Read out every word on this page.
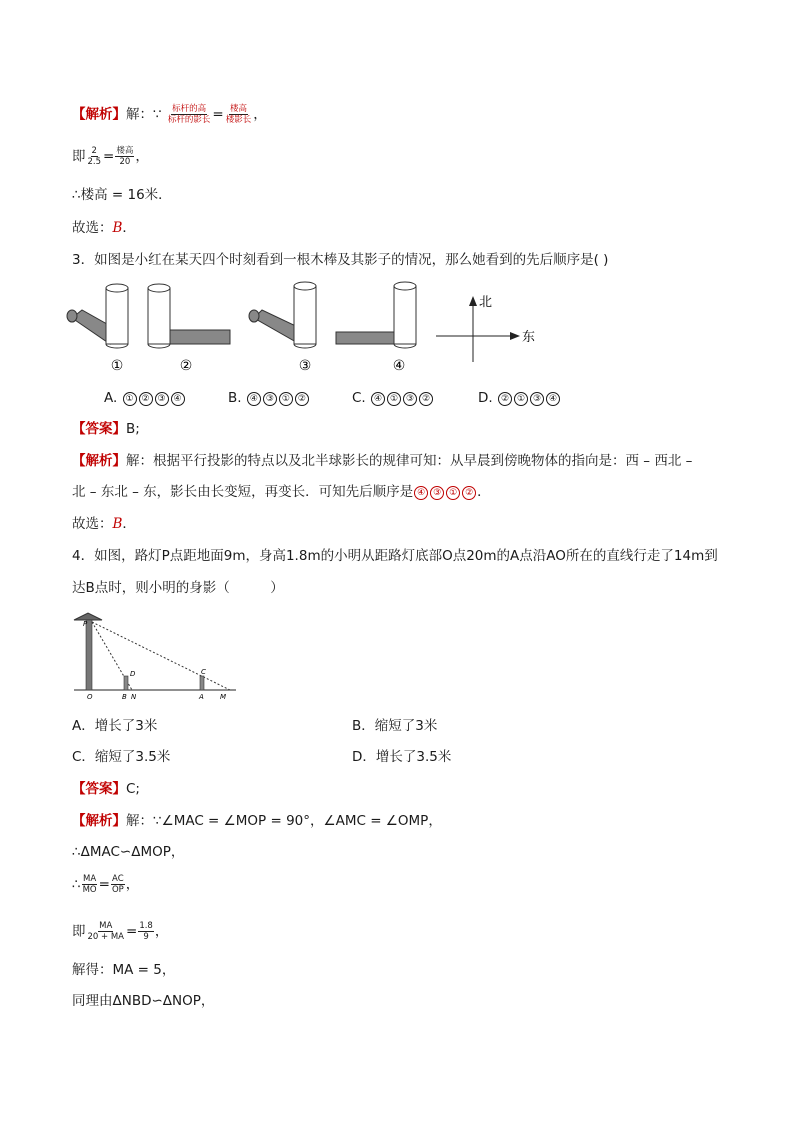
【解析】解：∵ $\frac{\text{标杆的高}}{\text{标杆的影长}} = \frac{\text{楼高}}{\text{楼影长}}$ ，
即 $\frac{2}{2.5} = \frac{\text{楼高}}{20}$ ，
∴楼高 = 16米．
故选：B．
3．如图是小红在某天四个时刻看到一根木棒及其影子的情况，那么她看到的先后顺序是( )
①	②	③	④
北
东
A. ① ② ③ ④	B. ④ ③ ① ②	C. ④ ① ③ ②	D. ② ① ③ ④
【答案】B;
【解析】解：根据平行投影的特点以及北半球影长的规律可知：从早晨到傍晚物体的指向是：西 – 西北 –
北 – 东北 – 东，影长由长变短，再变长．可知先后顺序是 ④ ③ ① ② ．
故选：B．
4．如图，路灯P点距地面9m，身高1.8m的小明从距路灯底部O点20m的A点沿AO所在的直线行走了14m到
达B点时，则小明的身影（　　　）
P
O	B N	A M
C
D
A．增长了3米	B．缩短了3米
C．缩短了3.5米	D．增长了3.5米
【答案】C;
【解析】解：∵∠MAC = ∠MOP = 90°，∠AMC = ∠OMP，
∴ΔMAC∽ΔMOP，
∴ $\frac{MA}{MO} = \frac{AC}{OP}$ ，
即 $\frac{MA}{20 + MA} = \frac{1.8}{9}$ ，
解得：MA = 5，
同理由ΔNBD∽ΔNOP，
